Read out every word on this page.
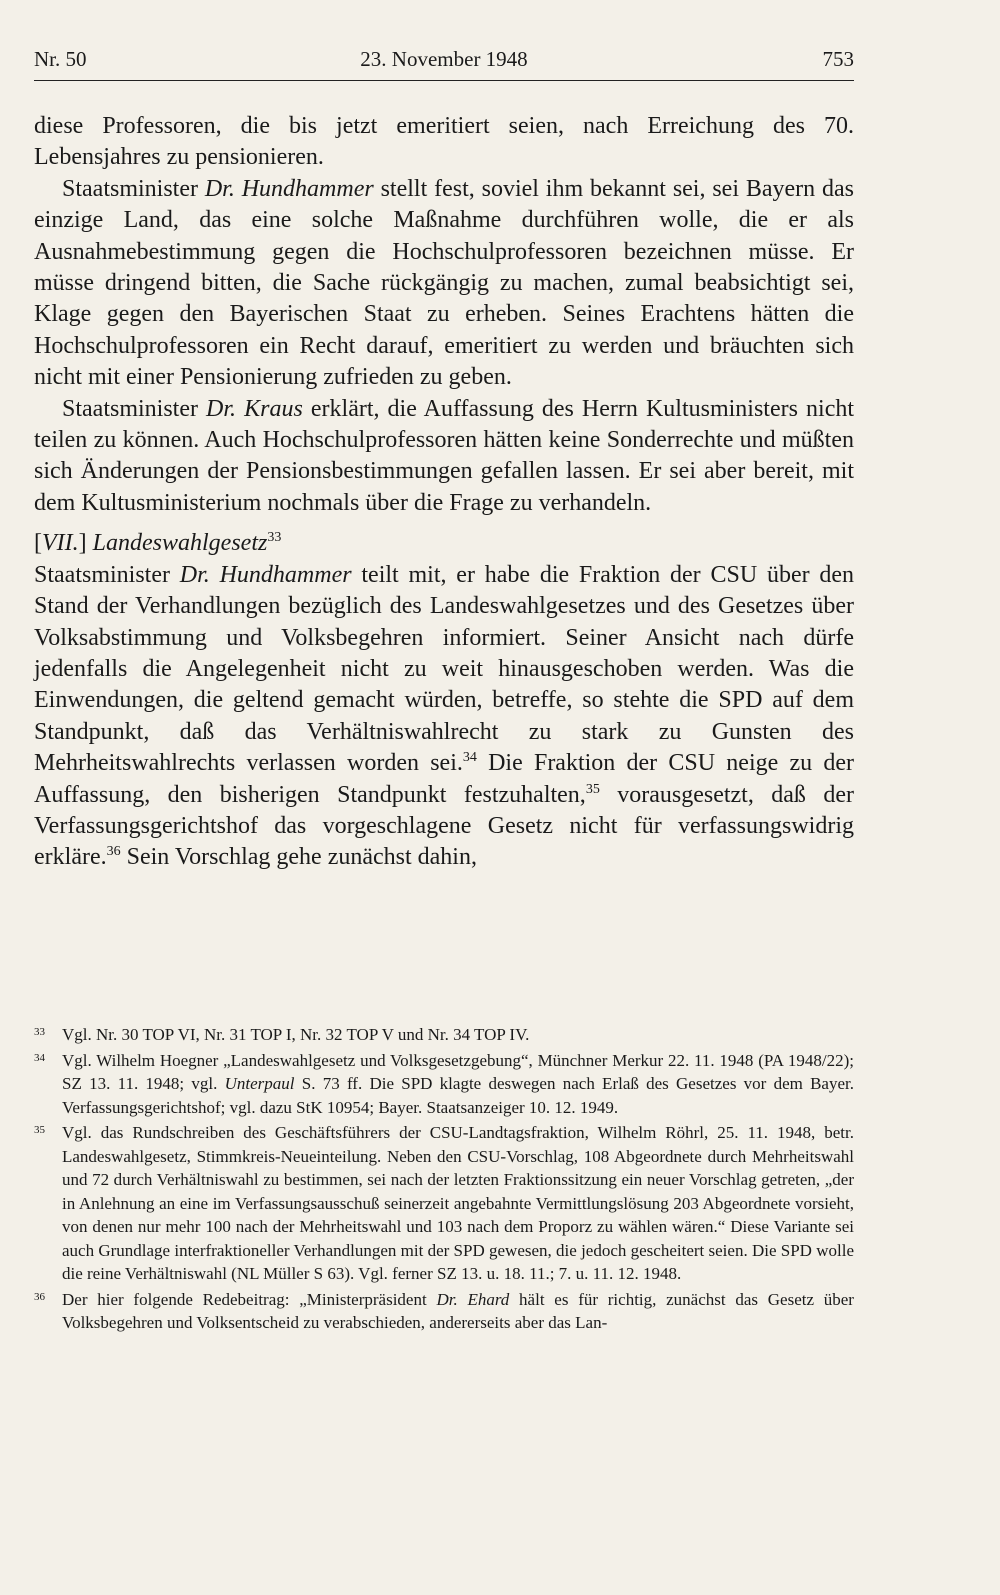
Nr. 50	23. November 1948	753

diese Professoren, die bis jetzt emeritiert seien, nach Erreichung des 70. Lebensjahres zu pensionieren.

Staatsminister Dr. Hundhammer stellt fest, soviel ihm bekannt sei, sei Bayern das einzige Land, das eine solche Maßnahme durchführen wolle, die er als Ausnahmebestimmung gegen die Hochschulprofessoren bezeichnen müsse. Er müsse dringend bitten, die Sache rückgängig zu machen, zumal beabsichtigt sei, Klage gegen den Bayerischen Staat zu erheben. Seines Erachtens hätten die Hochschulprofessoren ein Recht darauf, emeritiert zu werden und bräuchten sich nicht mit einer Pensionierung zufrieden zu geben.

Staatsminister Dr. Kraus erklärt, die Auffassung des Herrn Kultusministers nicht teilen zu können. Auch Hochschulprofessoren hätten keine Sonderrechte und müßten sich Änderungen der Pensionsbestimmungen gefallen lassen. Er sei aber bereit, mit dem Kultusministerium nochmals über die Frage zu verhandeln.

[VII.] Landeswahlgesetz$^{33}$

Staatsminister Dr. Hundhammer teilt mit, er habe die Fraktion der CSU über den Stand der Verhandlungen bezüglich des Landeswahlgesetzes und des Gesetzes über Volksabstimmung und Volksbegehren informiert. Seiner Ansicht nach dürfe jedenfalls die Angelegenheit nicht zu weit hinausgeschoben werden. Was die Einwendungen, die geltend gemacht würden, betreffe, so stehte die SPD auf dem Standpunkt, daß das Verhältniswahlrecht zu stark zu Gunsten des Mehrheitswahlrechts verlassen worden sei.$^{34}$ Die Fraktion der CSU neige zu der Auffassung, den bisherigen Standpunkt festzuhalten,$^{35}$ vorausgesetzt, daß der Verfassungsgerichtshof das vorgeschlagene Gesetz nicht für verfassungswidrig erkläre.$^{36}$ Sein Vorschlag gehe zunächst dahin,

33	Vgl. Nr. 30 TOP VI, Nr. 31 TOP I, Nr. 32 TOP V und Nr. 34 TOP IV.
34	Vgl. Wilhelm Hoegner „Landeswahlgesetz und Volksgesetzgebung“, Münchner Merkur 22. 11. 1948 (PA 1948/22); SZ 13. 11. 1948; vgl. Unterpaul S. 73 ff. Die SPD klagte deswegen nach Erlaß des Gesetzes vor dem Bayer. Verfassungsgerichtshof; vgl. dazu StK 10954; Bayer. Staatsanzeiger 10. 12. 1949.
35	Vgl. das Rundschreiben des Geschäftsführers der CSU-Landtagsfraktion, Wilhelm Röhrl, 25. 11. 1948, betr. Landeswahlgesetz, Stimmkreis-Neueinteilung. Neben den CSU-Vorschlag, 108 Abgeordnete durch Mehrheitswahl und 72 durch Verhältniswahl zu bestimmen, sei nach der letzten Fraktionssitzung ein neuer Vorschlag getreten, „der in Anlehnung an eine im Verfassungsausschuß seinerzeit angebahnte Vermittlungslösung 203 Abgeordnete vorsieht, von denen nur mehr 100 nach der Mehrheitswahl und 103 nach dem Proporz zu wählen wären.“ Diese Variante sei auch Grundlage interfraktioneller Verhandlungen mit der SPD gewesen, die jedoch gescheitert seien. Die SPD wolle die reine Verhältniswahl (NL Müller S 63). Vgl. ferner SZ 13. u. 18. 11.; 7. u. 11. 12. 1948.
36	Der hier folgende Redebeitrag: „Ministerpräsident Dr. Ehard hält es für richtig, zunächst das Gesetz über Volksbegehren und Volksentscheid zu verabschieden, andererseits aber das Lan-
